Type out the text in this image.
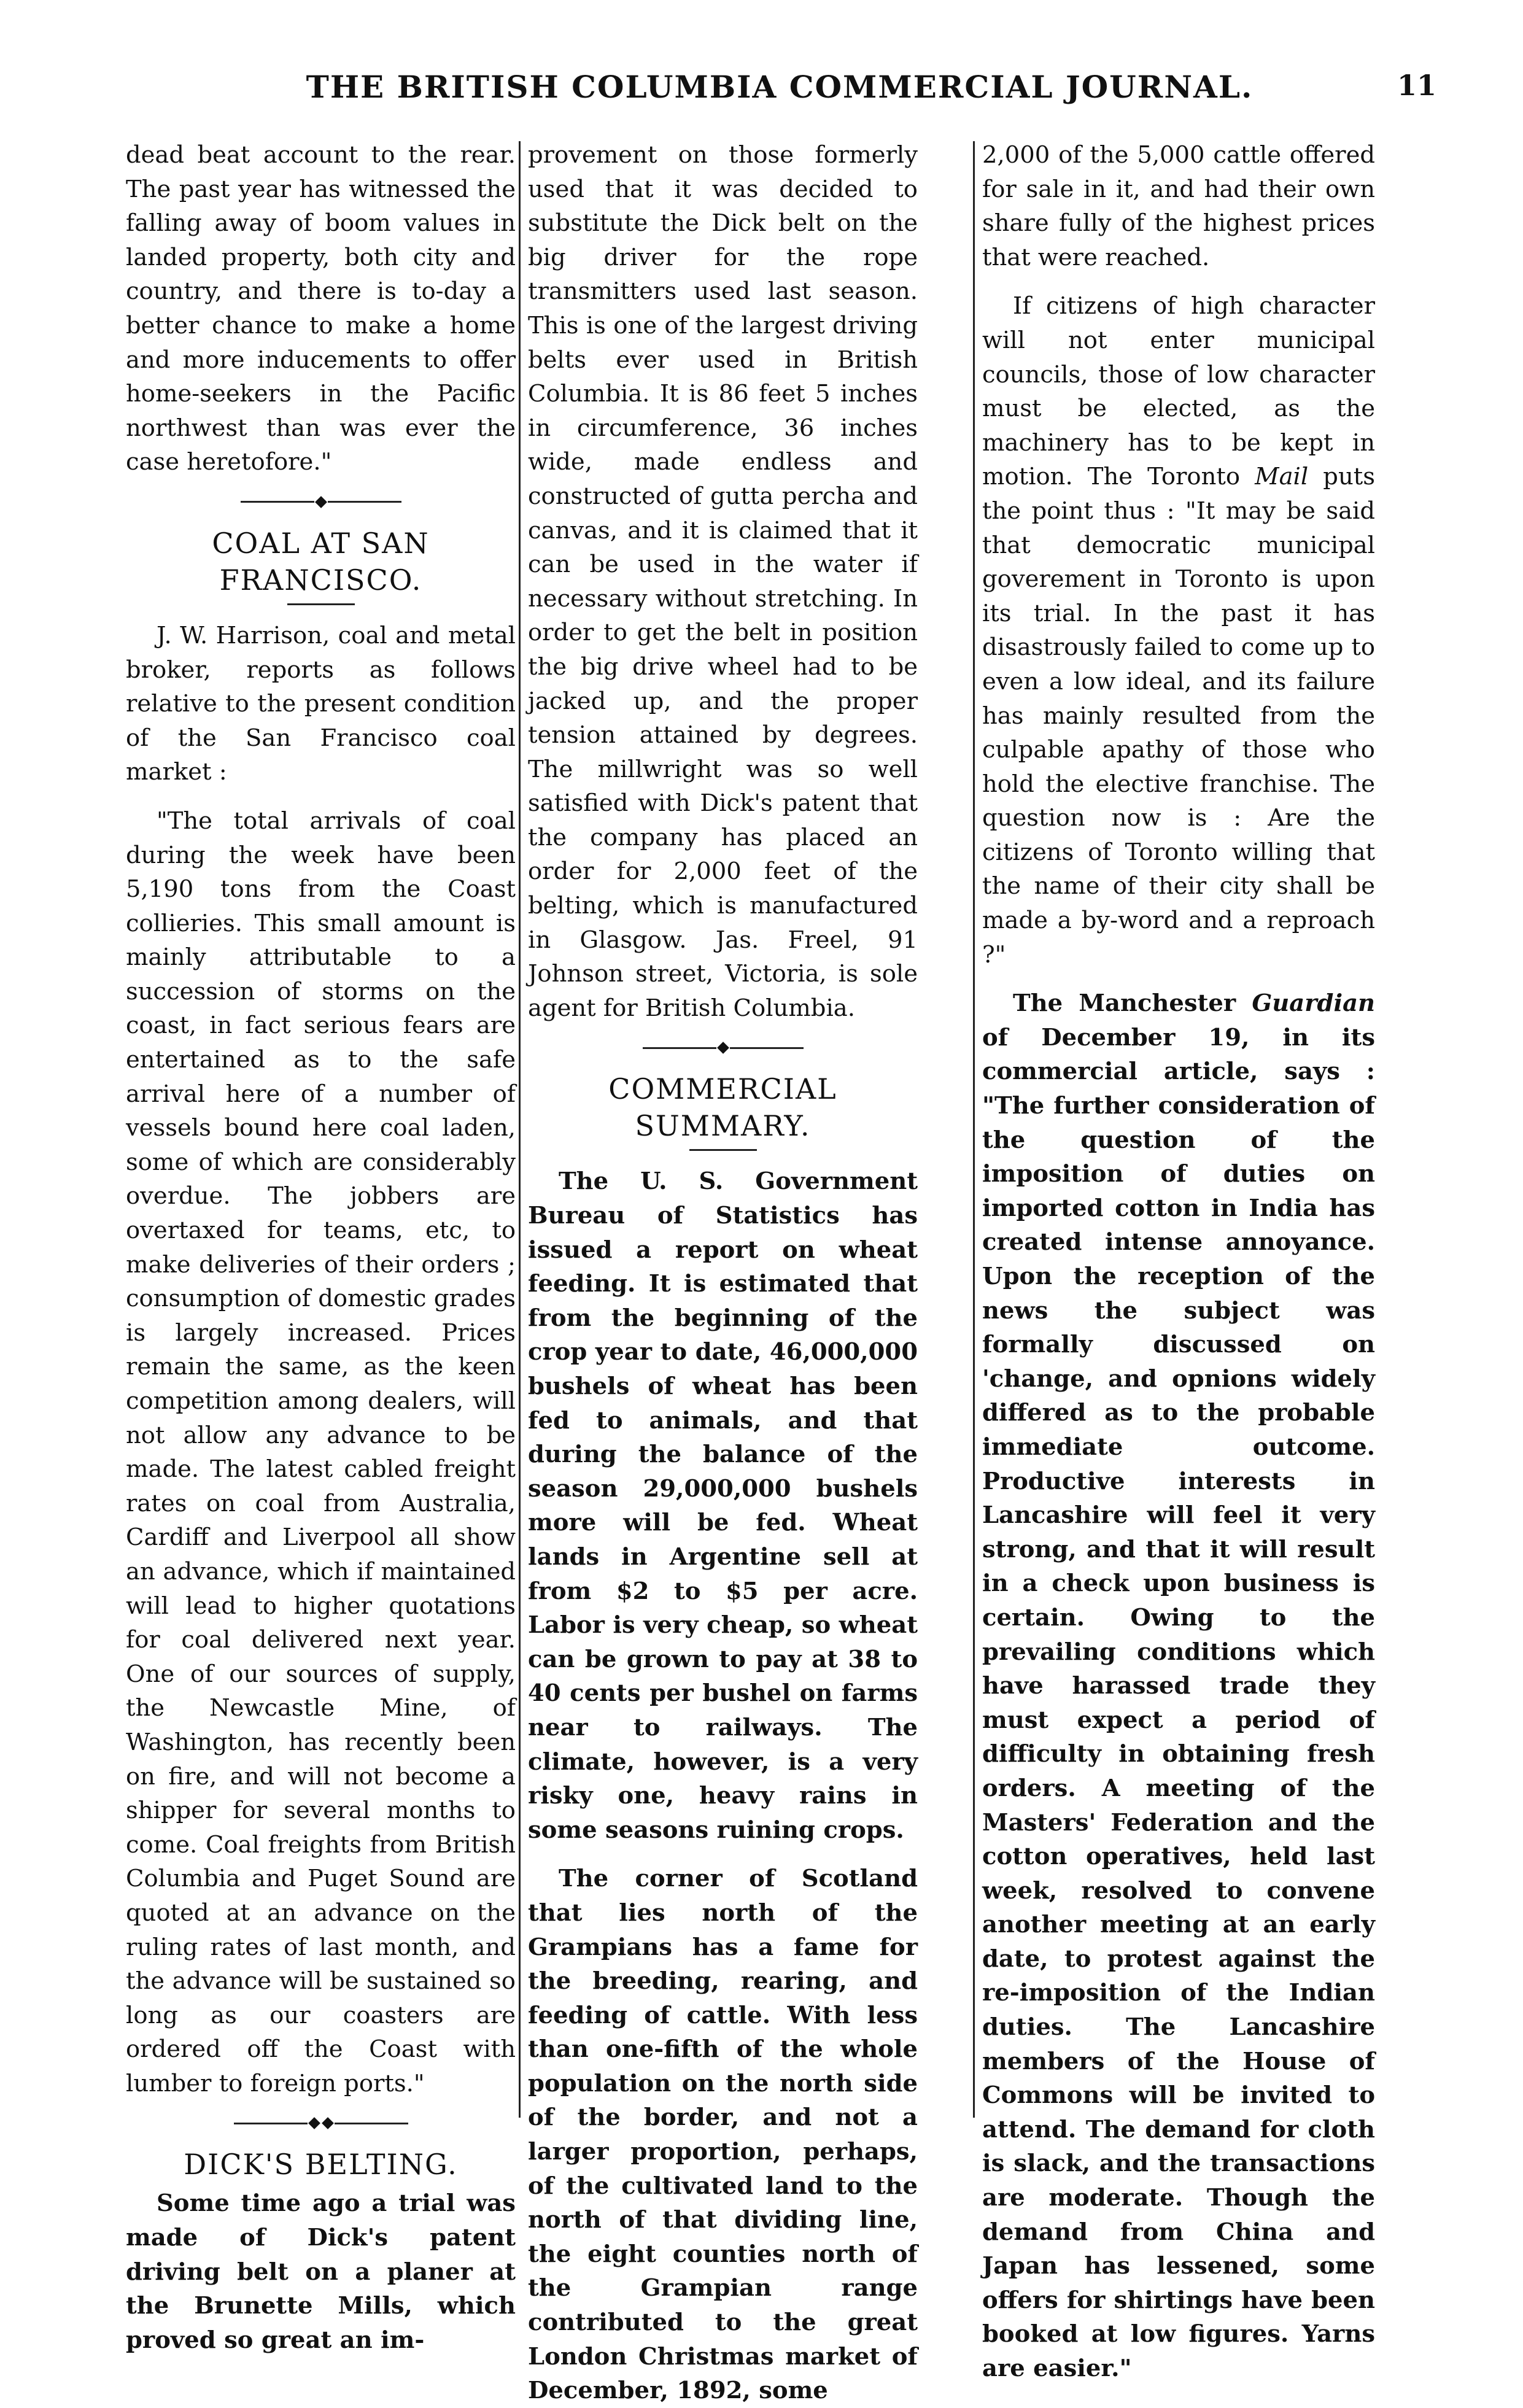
THE BRITISH COLUMBIA COMMERCIAL JOURNAL.	11

dead beat account to the rear. The past year has witnessed the falling away of boom values in landed property, both city and country, and there is to-day a better chance to make a home and more inducements to offer home-seekers in the Pacific northwest than was ever the case heretofore."

COAL AT SAN FRANCISCO.

J. W. Harrison, coal and metal broker, reports as follows relative to the present condition of the San Francisco coal market :

"The total arrivals of coal during the week have been 5,190 tons from the Coast collieries. This small amount is mainly attributable to a succession of storms on the coast, in fact serious fears are entertained as to the safe arrival here of a number of vessels bound here coal laden, some of which are considerably overdue. The jobbers are overtaxed for teams, etc, to make deliveries of their orders ; consumption of domestic grades is largely increased. Prices remain the same, as the keen competition among dealers, will not allow any advance to be made. The latest cabled freight rates on coal from Australia, Cardiff and Liverpool all show an advance, which if maintained will lead to higher quotations for coal delivered next year. One of our sources of supply, the Newcastle Mine, of Washington, has recently been on fire, and will not become a shipper for several months to come. Coal freights from British Columbia and Puget Sound are quoted at an advance on the ruling rates of last month, and the advance will be sustained so long as our coasters are ordered off the Coast with lumber to foreign ports."

DICK'S BELTING.

Some time ago a trial was made of Dick's patent driving belt on a planer at the Brunette Mills, which proved so great an im-

provement on those formerly used that it was decided to substitute the Dick belt on the big driver for the rope transmitters used last season. This is one of the largest driving belts ever used in British Columbia. It is 86 feet 5 inches in circumference, 36 inches wide, made endless and constructed of gutta percha and canvas, and it is claimed that it can be used in the water if necessary without stretching. In order to get the belt in position the big drive wheel had to be jacked up, and the proper tension attained by degrees. The millwright was so well satisfied with Dick's patent that the company has placed an order for 2,000 feet of the belting, which is manufactured in Glasgow. Jas. Freel, 91 Johnson street, Victoria, is sole agent for British Columbia.

COMMERCIAL SUMMARY.

The U. S. Government Bureau of Statistics has issued a report on wheat feeding. It is estimated that from the beginning of the crop year to date, 46,000,000 bushels of wheat has been fed to animals, and that during the balance of the season 29,000,000 bushels more will be fed. Wheat lands in Argentine sell at from $2 to $5 per acre. Labor is very cheap, so wheat can be grown to pay at 38 to 40 cents per bushel on farms near to railways. The climate, however, is a very risky one, heavy rains in some seasons ruining crops.

The corner of Scotland that lies north of the Grampians has a fame for the breeding, rearing, and feeding of cattle. With less than one-fifth of the whole population on the north side of the border, and not a larger proportion, perhaps, of the cultivated land to the north of that dividing line, the eight counties north of the Grampian range contributed to the great London Christmas market of December, 1892, some

2,000 of the 5,000 cattle offered for sale in it, and had their own share fully of the highest prices that were reached.

If citizens of high character will not enter municipal councils, those of low character must be elected, as the machinery has to be kept in motion. The Toronto Mail puts the point thus : "It may be said that democratic municipal goverement in Toronto is upon its trial. In the past it has disastrously failed to come up to even a low ideal, and its failure has mainly resulted from the culpable apathy of those who hold the elective franchise. The question now is : Are the citizens of Toronto willing that the name of their city shall be made a by-word and a reproach ?"

The Manchester Guardian of December 19, in its commercial article, says : "The further consideration of the question of the imposition of duties on imported cotton in India has created intense annoyance. Upon the reception of the news the subject was formally discussed on 'change, and opnions widely differed as to the probable immediate outcome. Productive interests in Lancashire will feel it very strong, and that it will result in a check upon business is certain. Owing to the prevailing conditions which have harassed trade they must expect a period of difficulty in obtaining fresh orders. A meeting of the Masters' Federation and the cotton operatives, held last week, resolved to convene another meeting at an early date, to protest against the re-imposition of the Indian duties. The Lancashire members of the House of Commons will be invited to attend. The demand for cloth is slack, and the transactions are moderate. Though the demand from China and Japan has lessened, some offers for shirtings have been booked at low figures. Yarns are easier."
